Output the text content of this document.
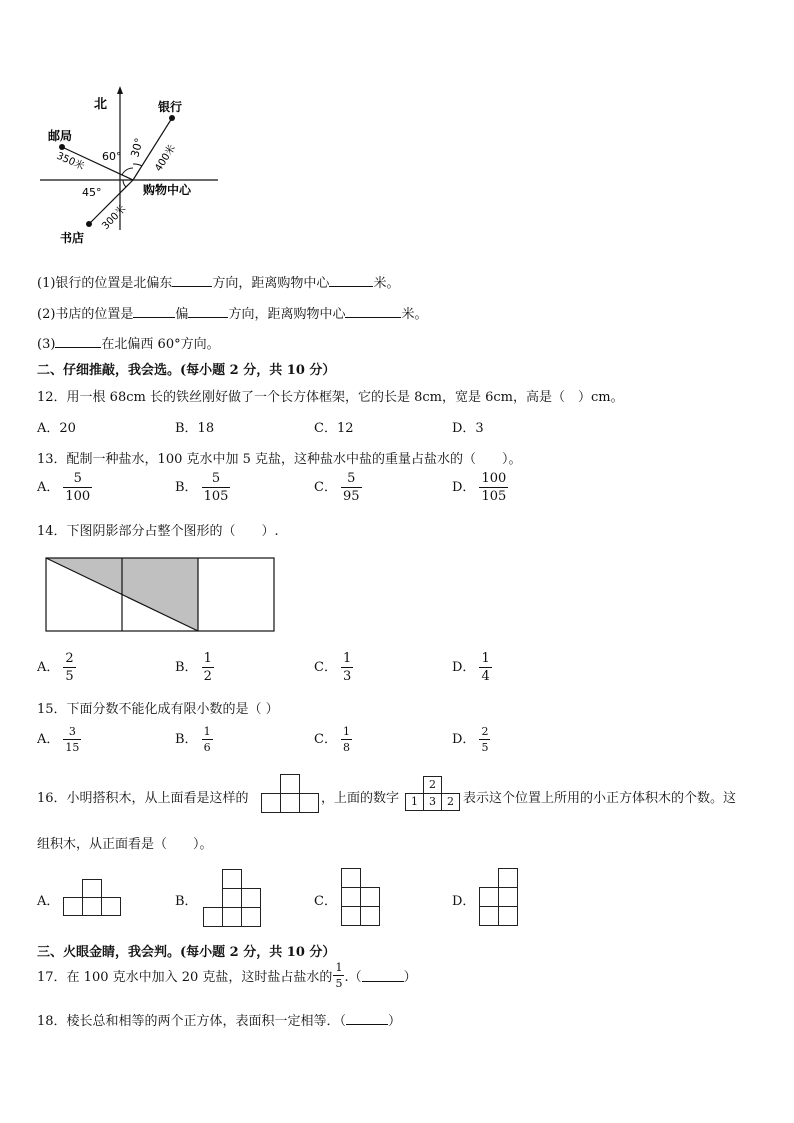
北	银行
邮局
书店
购物中心
30°
60°
45°
400米
350米
300米
(1)银行的位置是北偏东	方向，距离购物中心	米。
(2)书店的位置是	偏	方向，距离购物中心	米。
(3)	在北偏西 60°方向。
二、仔细推敲，我会选。(每小题 2 分，共 10 分）
12．用一根 68cm 长的铁丝刚好做了一个长方体框架，它的长是 8cm，宽是 6cm，高是（　）cm。
A．20	B．18	C．12	D．3
13．配制一种盐水，100 克水中加 5 克盐，这种盐水中盐的重量占盐水的（　　）。
A． $\frac{5}{100}$	B． $\frac{5}{105}$	C． $\frac{5}{95}$	D． $\frac{100}{105}$
14．下图阴影部分占整个图形的（　　）.
A． $\frac{2}{5}$	B． $\frac{1}{2}$	C． $\frac{1}{3}$	D． $\frac{1}{4}$
15．下面分数不能化成有限小数的是（ ）
A． $\frac{3}{15}$	B． $\frac{1}{6}$	C． $\frac{1}{8}$	D． $\frac{2}{5}$
16．小明搭积木，从上面看是这样的	，上面的数字
2
1	3	2 表示这个位置上所用的小正方体积木的个数。这
组积木，从正面看是（　　）。
A．	B．	C．	D．
三、火眼金睛，我会判。(每小题 2 分，共 10 分）
17．在 100 克水中加入 20 克盐，这时盐占盐水的 $\frac{1}{5}$ .（	）
18．棱长总和相等的两个正方体，表面积一定相等．（	）
